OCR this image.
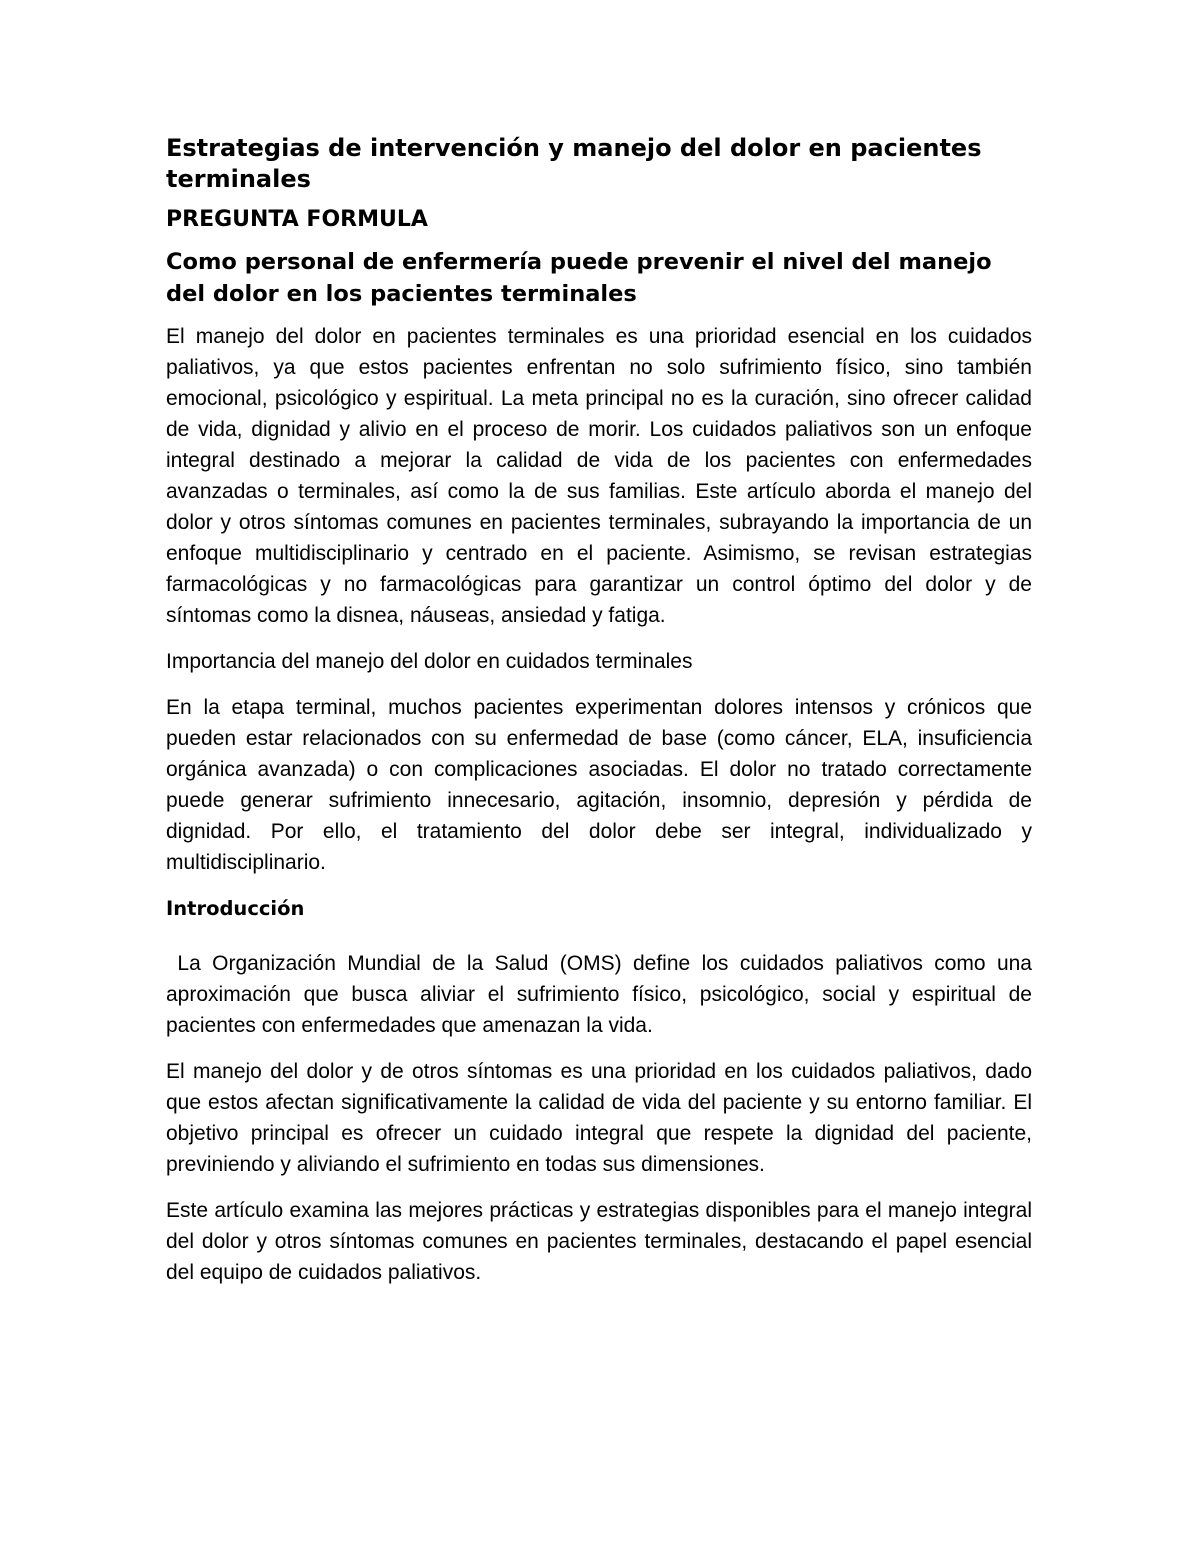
Estrategias de intervención y manejo del dolor en pacientes terminales
PREGUNTA FORMULA
Como personal de enfermería puede prevenir el nivel del manejo del dolor en los pacientes terminales

El manejo del dolor en pacientes terminales es una prioridad esencial en los cuidados paliativos, ya que estos pacientes enfrentan no solo sufrimiento físico, sino también emocional, psicológico y espiritual. La meta principal no es la curación, sino ofrecer calidad de vida, dignidad y alivio en el proceso de morir. Los cuidados paliativos son un enfoque integral destinado a mejorar la calidad de vida de los pacientes con enfermedades avanzadas o terminales, así como la de sus familias. Este artículo aborda el manejo del dolor y otros síntomas comunes en pacientes terminales, subrayando la importancia de un enfoque multidisciplinario y centrado en el paciente. Asimismo, se revisan estrategias farmacológicas y no farmacológicas para garantizar un control óptimo del dolor y de síntomas como la disnea, náuseas, ansiedad y fatiga.

Importancia del manejo del dolor en cuidados terminales

En la etapa terminal, muchos pacientes experimentan dolores intensos y crónicos que pueden estar relacionados con su enfermedad de base (como cáncer, ELA, insuficiencia orgánica avanzada) o con complicaciones asociadas. El dolor no tratado correctamente puede generar sufrimiento innecesario, agitación, insomnio, depresión y pérdida de dignidad. Por ello, el tratamiento del dolor debe ser integral, individualizado y multidisciplinario.

Introducción

La Organización Mundial de la Salud (OMS) define los cuidados paliativos como una aproximación que busca aliviar el sufrimiento físico, psicológico, social y espiritual de pacientes con enfermedades que amenazan la vida.

El manejo del dolor y de otros síntomas es una prioridad en los cuidados paliativos, dado que estos afectan significativamente la calidad de vida del paciente y su entorno familiar. El objetivo principal es ofrecer un cuidado integral que respete la dignidad del paciente, previniendo y aliviando el sufrimiento en todas sus dimensiones.

Este artículo examina las mejores prácticas y estrategias disponibles para el manejo integral del dolor y otros síntomas comunes en pacientes terminales, destacando el papel esencial del equipo de cuidados paliativos.
